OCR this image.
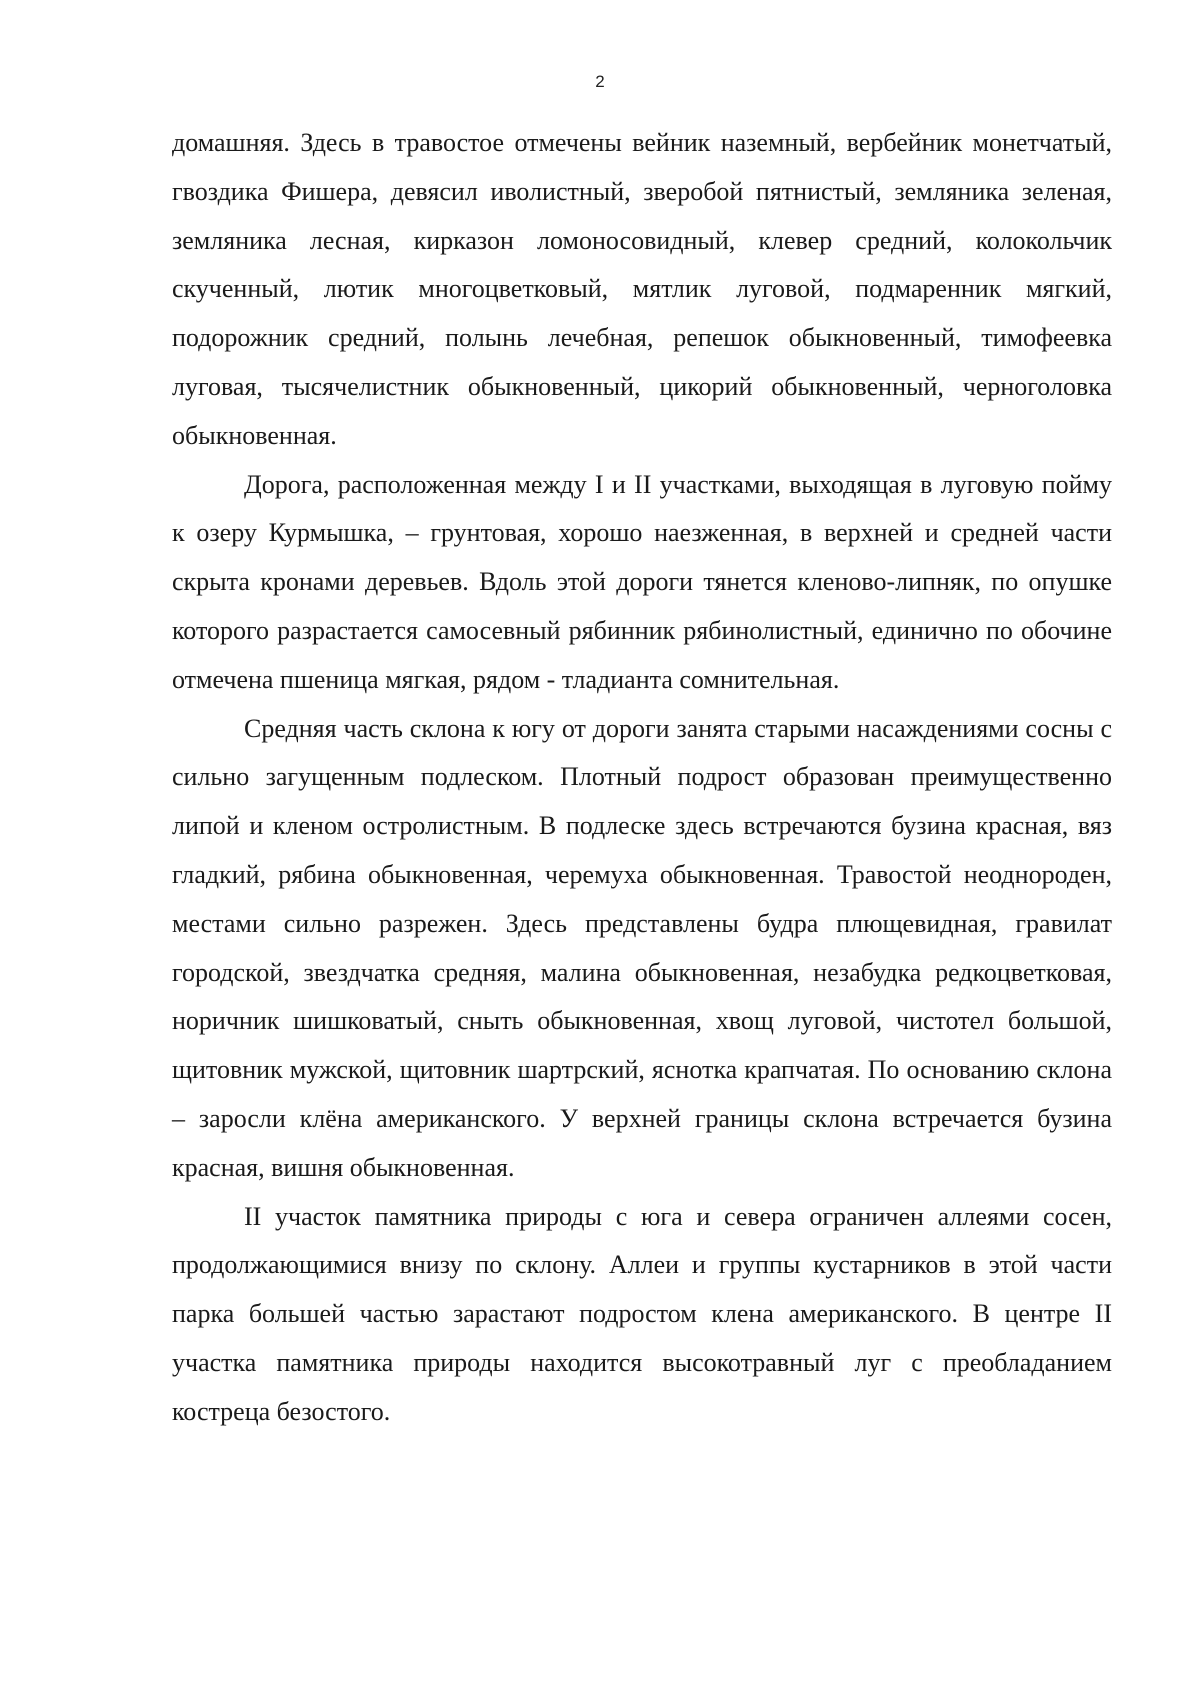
2

домашняя. Здесь в травостое отмечены вейник наземный, вербейник монетчатый, гвоздика Фишера, девясил иволистный, зверобой пятнистый, земляника зеленая, земляника лесная, кирказон ломоносовидный, клевер средний, колокольчик скученный, лютик многоцветковый, мятлик луговой, подмаренник мягкий, подорожник средний, полынь лечебная, репешок обыкновенный, тимофеевка луговая, тысячелистник обыкновенный, цикорий обыкновенный, черноголовка обыкновенная.

Дорога, расположенная между I и II участками, выходящая в луговую пойму к озеру Курмышка, – грунтовая, хорошо наезженная, в верхней и средней части скрыта кронами деревьев. Вдоль этой дороги тянется кленово-липняк, по опушке которого разрастается самосевный рябинник рябинолистный, единично по обочине отмечена пшеница мягкая, рядом - тладианта сомнительная.

Средняя часть склона к югу от дороги занята старыми насаждениями сосны с сильно загущенным подлеском. Плотный подрост образован преимущественно липой и кленом остролистным. В подлеске здесь встречаются бузина красная, вяз гладкий, рябина обыкновенная, черемуха обыкновенная. Травостой неоднороден, местами сильно разрежен. Здесь представлены будра плющевидная, гравилат городской, звездчатка средняя, малина обыкновенная, незабудка редкоцветковая, норичник шишковатый, сныть обыкновенная, хвощ луговой, чистотел большой, щитовник мужской, щитовник шартрский, яснотка крапчатая. По основанию склона – заросли клёна американского. У верхней границы склона встречается бузина красная, вишня обыкновенная.

II участок памятника природы с юга и севера ограничен аллеями сосен, продолжающимися внизу по склону. Аллеи и группы кустарников в этой части парка большей частью зарастают подростом клена американского. В центре II участка памятника природы находится высокотравный луг с преобладанием костреца безостого.
